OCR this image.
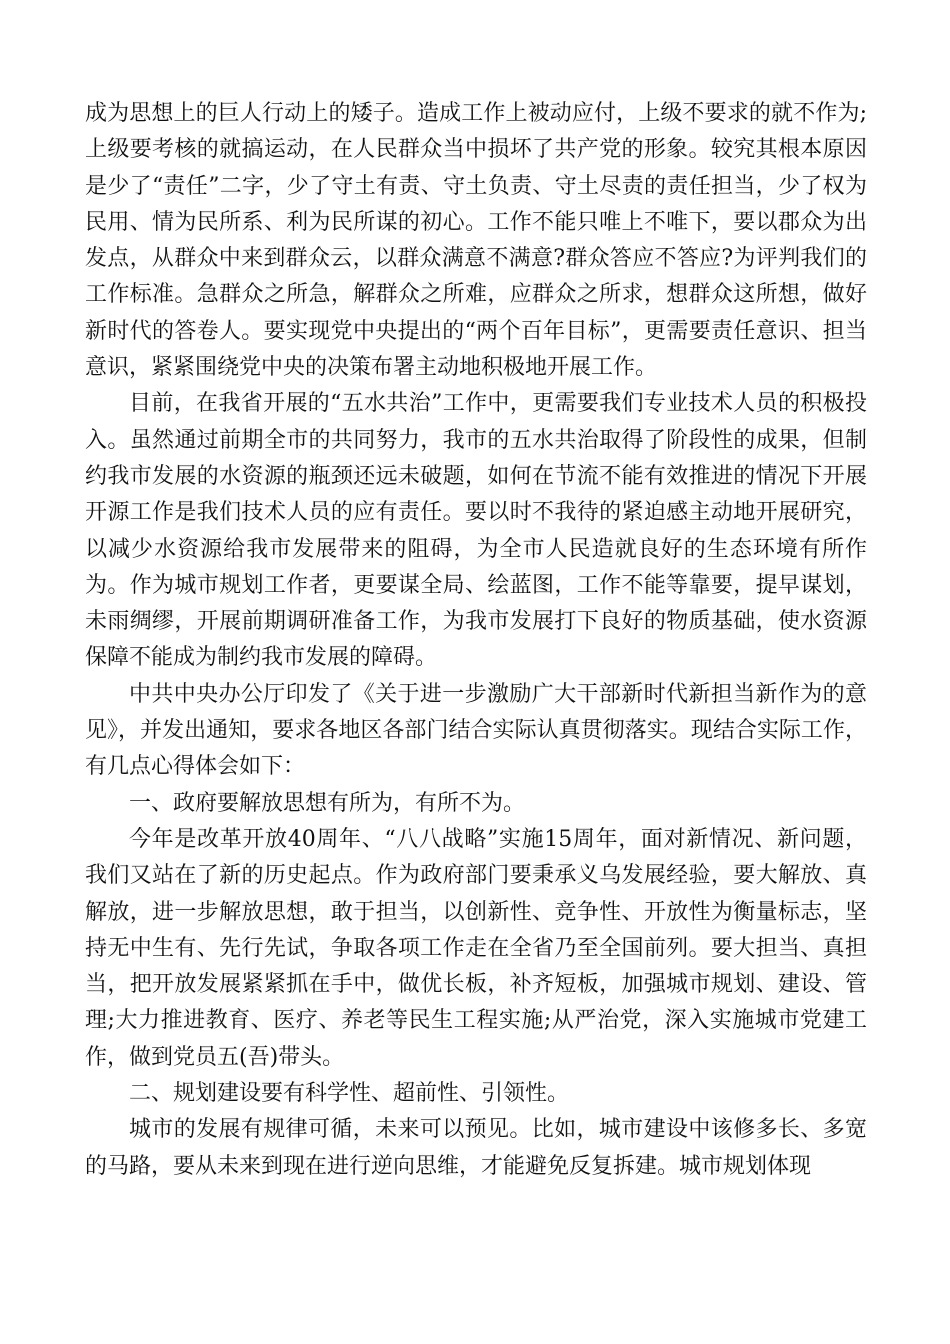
成为思想上的巨人行动上的矮子。造成工作上被动应付，上级不要求的就不作为;上级要考核的就搞运动，在人民群众当中损坏了共产党的形象。较究其根本原因是少了“责任”二字，少了守土有责、守土负责、守土尽责的责任担当，少了权为民用、情为民所系、利为民所谋的初心。工作不能只唯上不唯下，要以郡众为出发点，从群众中来到群众云，以群众满意不满意?群众答应不答应?为评判我们的工作标准。急群众之所急，解群众之所难，应群众之所求，想群众这所想，做好新时代的答卷人。要实现党中央提出的“两个百年目标”，更需要责任意识、担当意识，紧紧围绕党中央的决策布署主动地积极地开展工作。

目前，在我省开展的“五水共治”工作中，更需要我们专业技术人员的积极投入。虽然通过前期全市的共同努力，我市的五水共治取得了阶段性的成果，但制约我市发展的水资源的瓶颈还远未破题，如何在节流不能有效推进的情况下开展开源工作是我们技术人员的应有责任。要以时不我待的紧迫感主动地开展研究，以减少水资源给我市发展带来的阻碍，为全市人民造就良好的生态环境有所作为。作为城市规划工作者，更要谋全局、绘蓝图，工作不能等靠要，提早谋划，未雨绸缪，开展前期调研准备工作，为我市发展打下良好的物质基础，使水资源保障不能成为制约我市发展的障碍。

中共中央办公厅印发了《关于进一步激励广大干部新时代新担当新作为的意见》，并发出通知，要求各地区各部门结合实际认真贯彻落实。现结合实际工作，有几点心得体会如下：

一、政府要解放思想有所为，有所不为。

今年是改革开放40周年、“八八战略”实施15周年，面对新情况、新问题，我们又站在了新的历史起点。作为政府部门要秉承义乌发展经验，要大解放、真解放，进一步解放思想，敢于担当，以创新性、竞争性、开放性为衡量标志，坚持无中生有、先行先试，争取各项工作走在全省乃至全国前列。要大担当、真担当，把开放发展紧紧抓在手中，做优长板，补齐短板，加强城市规划、建设、管理;大力推进教育、医疗、养老等民生工程实施;从严治党，深入实施城市党建工作，做到党员五(吾)带头。

二、规划建设要有科学性、超前性、引领性。

城市的发展有规律可循，未来可以预见。比如，城市建设中该修多长、多宽的马路，要从未来到现在进行逆向思维，才能避免反复拆建。城市规划体现
